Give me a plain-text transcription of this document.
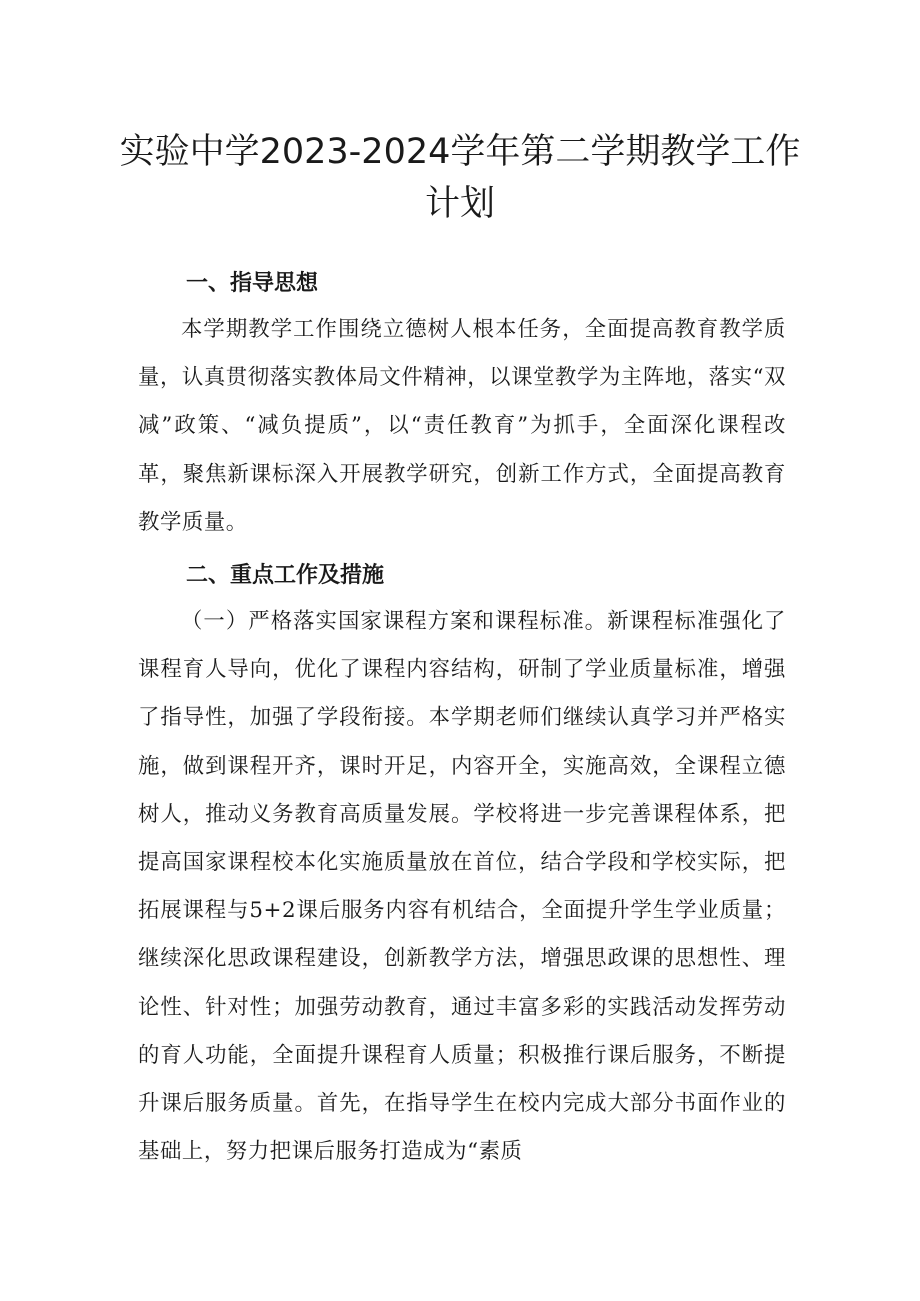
实验中学2023-2024学年第二学期教学工作
计划
一、指导思想

本学期教学工作围绕立德树人根本任务，全面提高教育教学质量，认真贯彻落实教体局文件精神，以课堂教学为主阵地，落实“双减”政策、“减负提质”，以“责任教育”为抓手，全面深化课程改革，聚焦新课标深入开展教学研究，创新工作方式，全面提高教育教学质量。

二、重点工作及措施

（一）严格落实国家课程方案和课程标准。新课程标准强化了课程育人导向，优化了课程内容结构，研制了学业质量标准，增强了指导性，加强了学段衔接。本学期老师们继续认真学习并严格实施，做到课程开齐，课时开足，内容开全，实施高效，全课程立德树人，推动义务教育高质量发展。学校将进一步完善课程体系，把提高国家课程校本化实施质量放在首位，结合学段和学校实际，把拓展课程与5+2课后服务内容有机结合，全面提升学生学业质量；继续深化思政课程建设，创新教学方法，增强思政课的思想性、理论性、针对性；加强劳动教育，通过丰富多彩的实践活动发挥劳动的育人功能，全面提升课程育人质量；积极推行课后服务，不断提升课后服务质量。首先，在指导学生在校内完成大部分书面作业的基础上，努力把课后服务打造成为“素质
